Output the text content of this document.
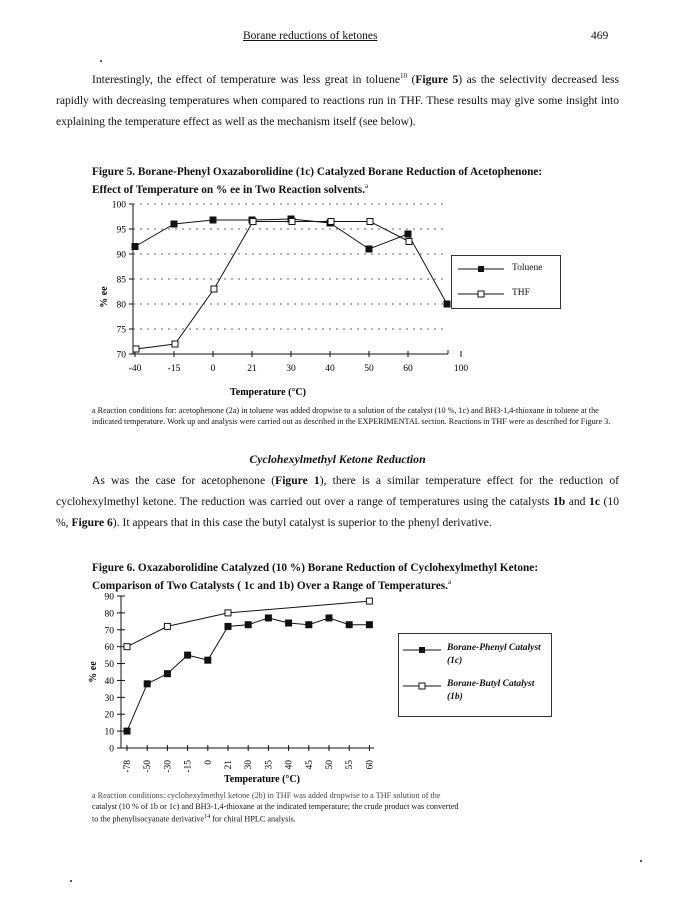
Borane reductions of ketones	469
Interestingly, the effect of temperature was less great in toluene$^{10}$ (Figure 5) as the selectivity decreased less rapidly with decreasing temperatures when compared to reactions run in THF. These results may give some insight into explaining the temperature effect as well as the mechanism itself (see below).
Figure 5. Borane-Phenyl Oxazaborolidine (1c) Catalyzed Borane Reduction of Acetophenone:
Effect of Temperature on % ee in Two Reaction solvents.$^a$
70
75
80
85
90
95
100
-40	-15	0	21	30	40	50	60	100
% ee
Temperature (°C)
Toluene
THF
a Reaction conditions for: acetophenone (2a) in toluene was added dropwise to a solution of the catalyst (10 %, 1c) and BH3-1,4-thioxane in toluene at the indicated temperature. Work up and analysis were carried out as described in the EXPERIMENTAL section. Reactions in THF were as described for Figure 3.
Cyclohexylmethyl Ketone Reduction
As was the case for acetophenone (Figure 1), there is a similar temperature effect for the reduction of cyclohexylmethyl ketone. The reduction was carried out over a range of temperatures using the catalysts 1b and 1c (10 %, Figure 6). It appears that in this case the butyl catalyst is superior to the phenyl derivative.
Figure 6. Oxazaborolidine Catalyzed (10 %) Borane Reduction of Cyclohexylmethyl Ketone:
Comparison of Two Catalysts ( 1c and 1b) Over a Range of Temperatures.$^a$
0
10
20
30
40
50
60
70
80
90
-78 -50 -30 -15 0 21 30 35 40 45 50 55 60
% ee
Temperature (°C)
Borane-Phenyl Catalyst (1c)
Borane-Butyl Catalyst (1b)
a Reaction conditions: cyclohexylmethyl ketone (2b) in THF was added dropwise to a THF solution of the
catalyst (10 % of 1b or 1c) and BH3-1,4-thioxane at the indicated temperature; the crude product was converted
to the phenylisocyanate derivative$^{14}$ for chiral HPLC analysis.
